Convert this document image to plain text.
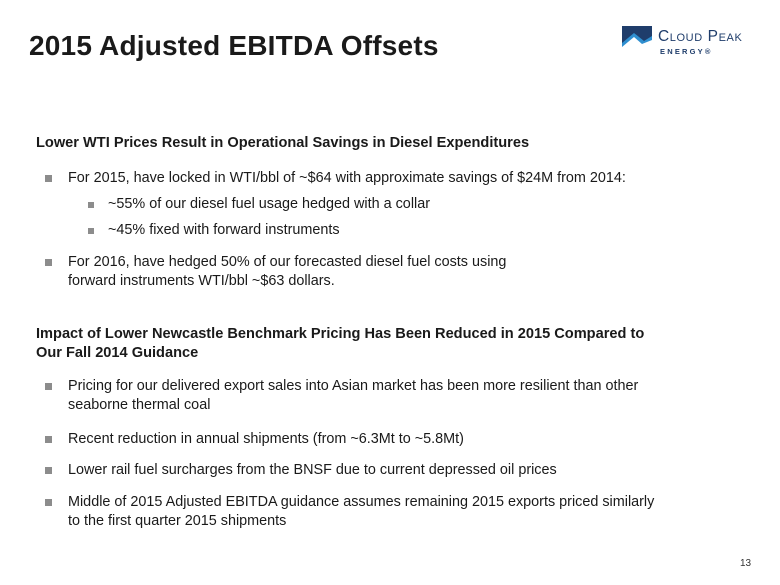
2015 Adjusted EBITDA Offsets	Cloud Peak
ENERGY®
Lower WTI Prices Result in Operational Savings in Diesel Expenditures
For 2015, have locked in WTI/bbl of ~$64 with approximate savings of $24M from 2014:
~55% of our diesel fuel usage hedged with a collar
~45% fixed with forward instruments
For 2016, have hedged 50% of our forecasted diesel fuel costs using
forward instruments WTI/bbl ~$63 dollars.
Impact of Lower Newcastle Benchmark Pricing Has Been Reduced in 2015 Compared to
Our Fall 2014 Guidance
Pricing for our delivered export sales into Asian market has been more resilient than other
seaborne thermal coal
Recent reduction in annual shipments (from ~6.3Mt to ~5.8Mt)
Lower rail fuel surcharges from the BNSF due to current depressed oil prices
Middle of 2015 Adjusted EBITDA guidance assumes remaining 2015 exports priced similarly
to the first quarter 2015 shipments
13
